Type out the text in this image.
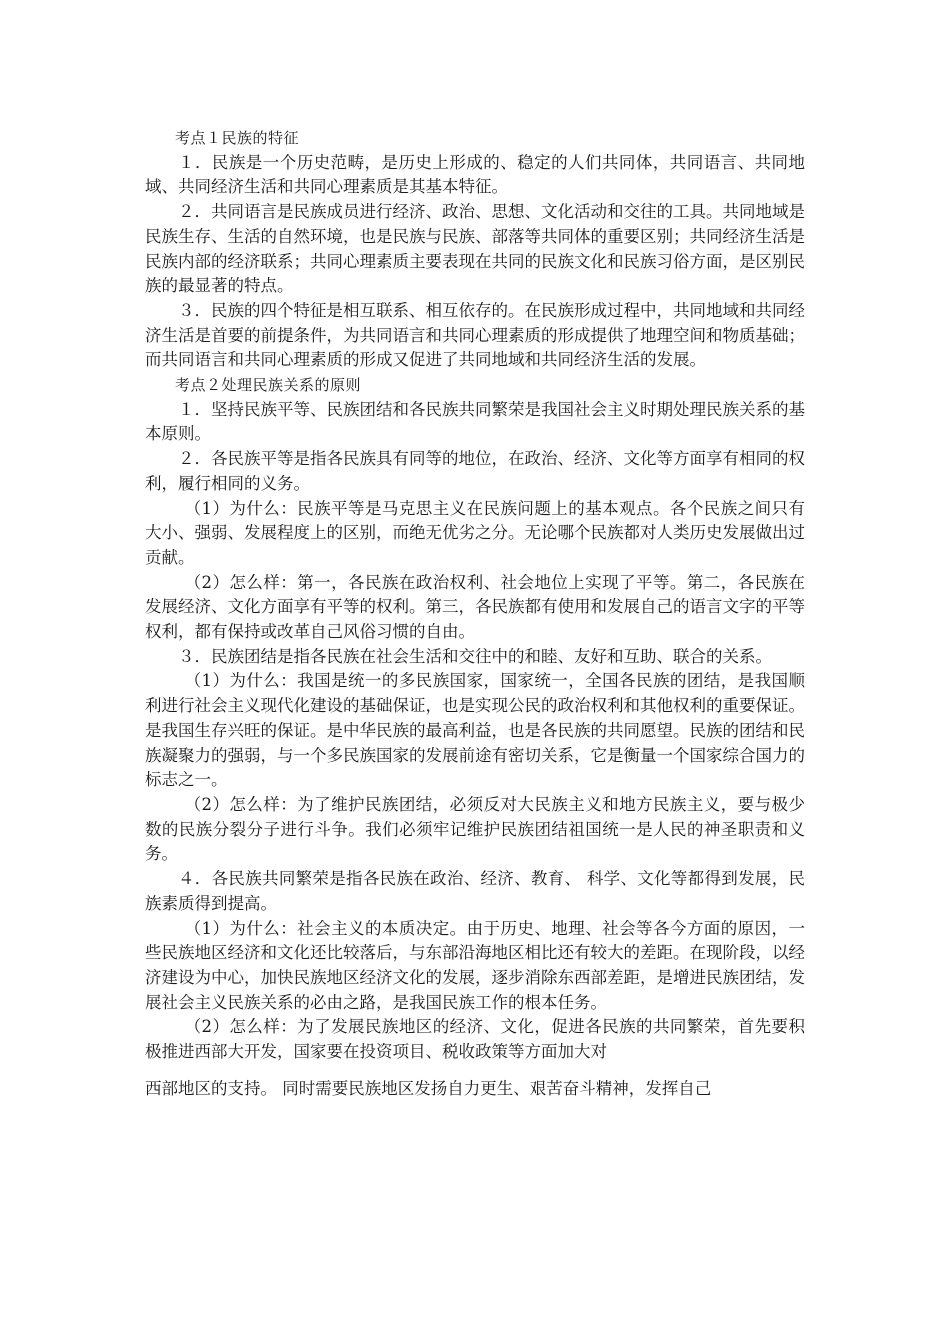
考点１民族的特征

１．民族是一个历史范畴，是历史上形成的、稳定的人们共同体，共同语言、共同地域、共同经济生活和共同心理素质是其基本特征。

２．共同语言是民族成员进行经济、政治、思想、文化活动和交往的工具。共同地域是民族生存、生活的自然环境，也是民族与民族、部落等共同体的重要区别；共同经济生活是民族内部的经济联系；共同心理素质主要表现在共同的民族文化和民族习俗方面，是区别民族的最显著的特点。

３．民族的四个特征是相互联系、相互依存的。在民族形成过程中，共同地域和共同经济生活是首要的前提条件，为共同语言和共同心理素质的形成提供了地理空间和物质基础；而共同语言和共同心理素质的形成又促进了共同地域和共同经济生活的发展。

考点２处理民族关系的原则

１．坚持民族平等、民族团结和各民族共同繁荣是我国社会主义时期处理民族关系的基本原则。

２．各民族平等是指各民族具有同等的地位，在政治、经济、文化等方面享有相同的权利，履行相同的义务。

（1）为什么：民族平等是马克思主义在民族问题上的基本观点。各个民族之间只有大小、强弱、发展程度上的区别，而绝无优劣之分。无论哪个民族都对人类历史发展做出过贡献。

（2）怎么样：第一，各民族在政治权利、社会地位上实现了平等。第二，各民族在发展经济、文化方面享有平等的权利。第三，各民族都有使用和发展自己的语言文字的平等权利，都有保持或改革自己风俗习惯的自由。

３．民族团结是指各民族在社会生活和交往中的和睦、友好和互助、联合的关系。

（1）为什么：我国是统一的多民族国家，国家统一，全国各民族的团结，是我国顺利进行社会主义现代化建设的基础保证，也是实现公民的政治权利和其他权利的重要保证。是我国生存兴旺的保证。是中华民族的最高利益，也是各民族的共同愿望。民族的团结和民族凝聚力的强弱，与一个多民族国家的发展前途有密切关系，它是衡量一个国家综合国力的标志之一。

（2）怎么样：为了维护民族团结，必须反对大民族主义和地方民族主义，要与极少数的民族分裂分子进行斗争。我们必须牢记维护民族团结祖国统一是人民的神圣职责和义务。

４．各民族共同繁荣是指各民族在政治、经济、教育、 科学、文化等都得到发展，民族素质得到提高。

（1）为什么：社会主义的本质决定。由于历史、地理、社会等各今方面的原因，一些民族地区经济和文化还比较落后，与东部沿海地区相比还有较大的差距。在现阶段，以经济建设为中心，加快民族地区经济文化的发展，逐步消除东西部差距，是增进民族团结，发展社会主义民族关系的必由之路，是我国民族工作的根本任务。

（2）怎么样：为了发展民族地区的经济、文化，促进各民族的共同繁荣，首先要积极推进西部大开发，国家要在投资项目、税收政策等方面加大对

西部地区的支持。 同时需要民族地区发扬自力更生、艰苦奋斗精神，发挥自己
